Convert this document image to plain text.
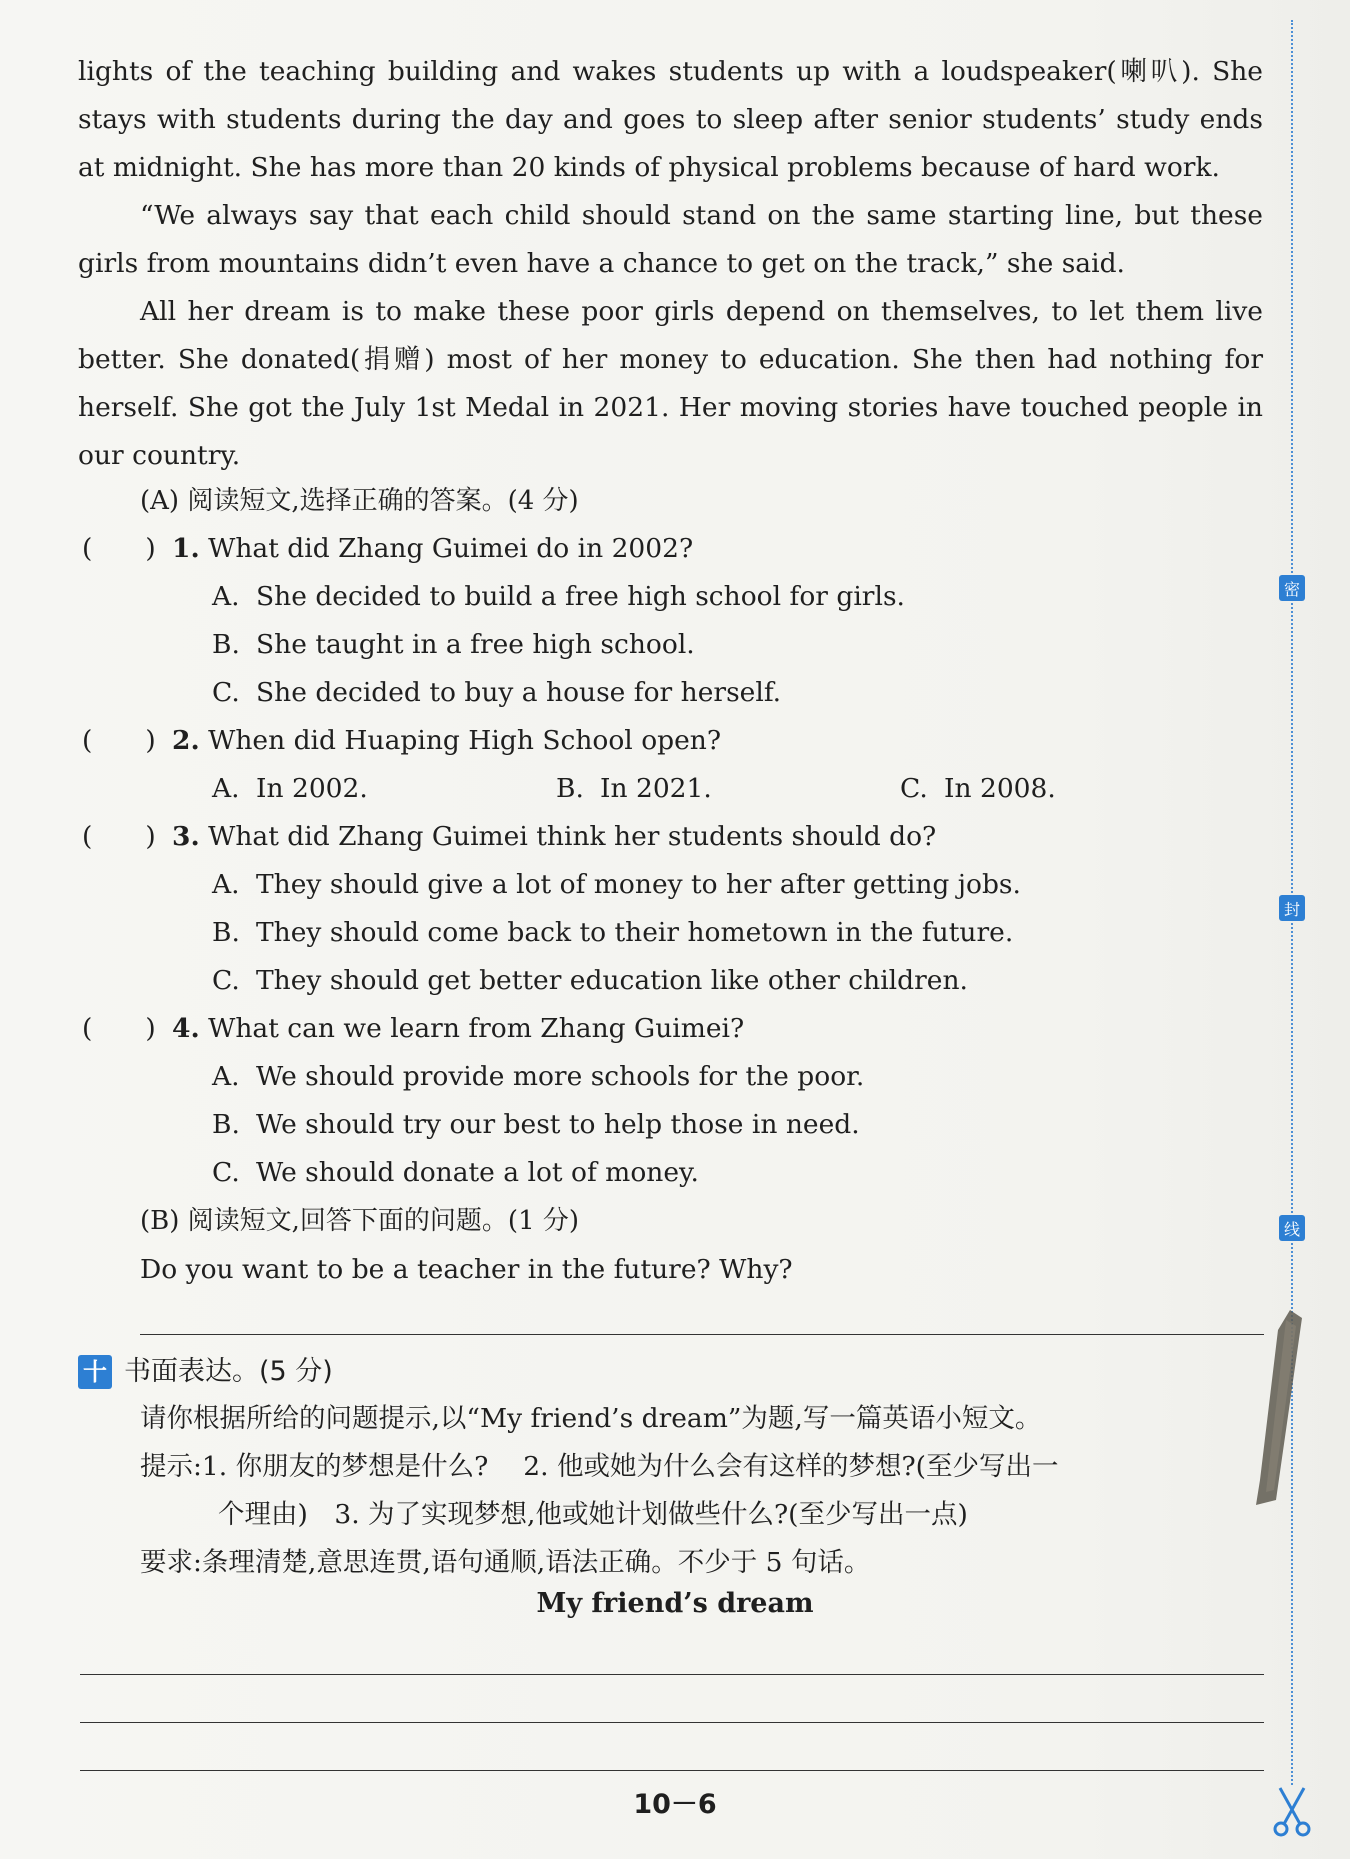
lights of the teaching building and wakes students up with a loudspeaker(喇叭). She stays with students during the day and goes to sleep after senior students’ study ends at midnight. She has more than 20 kinds of physical problems because of hard work.

“We always say that each child should stand on the same starting line, but these girls from mountains didn’t even have a chance to get on the track,” she said.

All her dream is to make these poor girls depend on themselves, to let them live better. She donated(捐赠) most of her money to education. She then had nothing for herself. She got the July 1st Medal in 2021. Her moving stories have touched people in our country.

(A) 阅读短文,选择正确的答案。(4 分)
(　　) 1. What did Zhang Guimei do in 2002?
A. She decided to build a free high school for girls.
B. She taught in a free high school.
C. She decided to buy a house for herself.
(　　) 2. When did Huaping High School open?
A. In 2002.	B. In 2021.	C. In 2008.
(　　) 3. What did Zhang Guimei think her students should do?
A. They should give a lot of money to her after getting jobs.
B. They should come back to their hometown in the future.
C. They should get better education like other children.
(　　) 4. What can we learn from Zhang Guimei?
A. We should provide more schools for the poor.
B. We should try our best to help those in need.
C. We should donate a lot of money.
(B) 阅读短文,回答下面的问题。(1 分)
Do you want to be a teacher in the future? Why?
十 书面表达。(5 分)
请你根据所给的问题提示,以“My friend’s dream”为题,写一篇英语小短文。
提示:1. 你朋友的梦想是什么?　 2. 他或她为什么会有这样的梦想?(至少写出一
个理由)　3. 为了实现梦想,他或她计划做些什么?(至少写出一点)
要求:条理清楚,意思连贯,语句通顺,语法正确。不少于 5 句话。
My friend’s dream
10－6
密
封
线
